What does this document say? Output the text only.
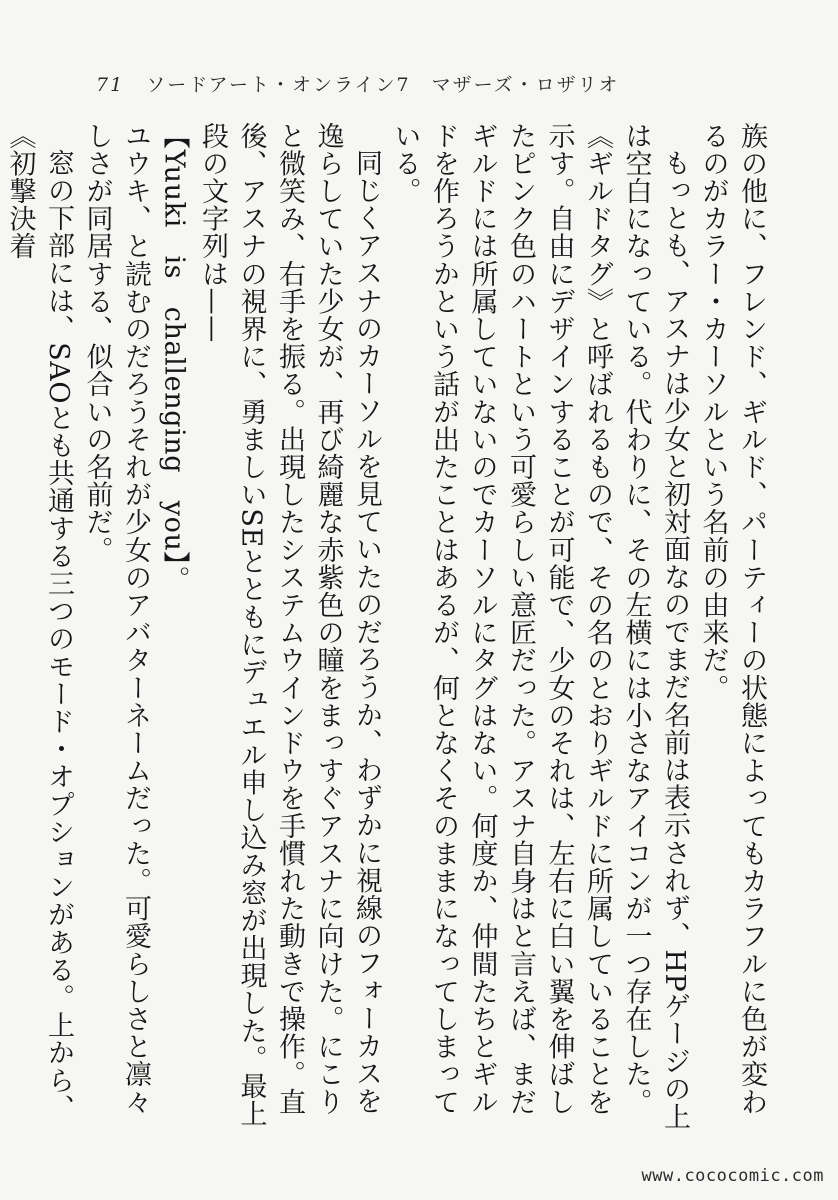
71 ソードアート・オンライン7　マザーズ・ロザリオ

族の他に、フレンド、ギルド、パーティーの状態によってもカラフルに色が変わるのがカラー・カーソルという名前の由来だ。

もっとも、アスナは少女と初対面なのでまだ名前は表示されず、HPゲージの上は空白になっている。代わりに、その左横には小さなアイコンが一つ存在した。《ギルドタグ》と呼ばれるもので、その名のとおりギルドに所属していることを示す。自由にデザインすることが可能で、少女のそれは、左右に白い翼を伸ばしたピンク色のハートという可愛らしい意匠だった。アスナ自身はと言えば、まだギルドには所属していないのでカーソルにタグはない。何度か、仲間たちとギルドを作ろうかという話が出たことはあるが、何となくそのままになってしまっている。

同じくアスナのカーソルを見ていたのだろうか、わずかに視線のフォーカスを逸らしていた少女が、再び綺麗な赤紫色の瞳をまっすぐアスナに向けた。にこりと微笑み、右手を振る。出現したシステムウインドウを手慣れた動きで操作。直後、アスナの視界に、勇ましいSEとともにデュエル申し込み窓が出現した。最上段の文字列は——

【Yuuki　is　challenging　you】。

ユウキ、と読むのだろうそれが少女のアバターネームだった。可愛らしさと凛々しさが同居する、似合いの名前だ。

窓の下部には、SAOとも共通する三つのモード・オプションがある。上から、《初撃決着

www.cococomic.com
